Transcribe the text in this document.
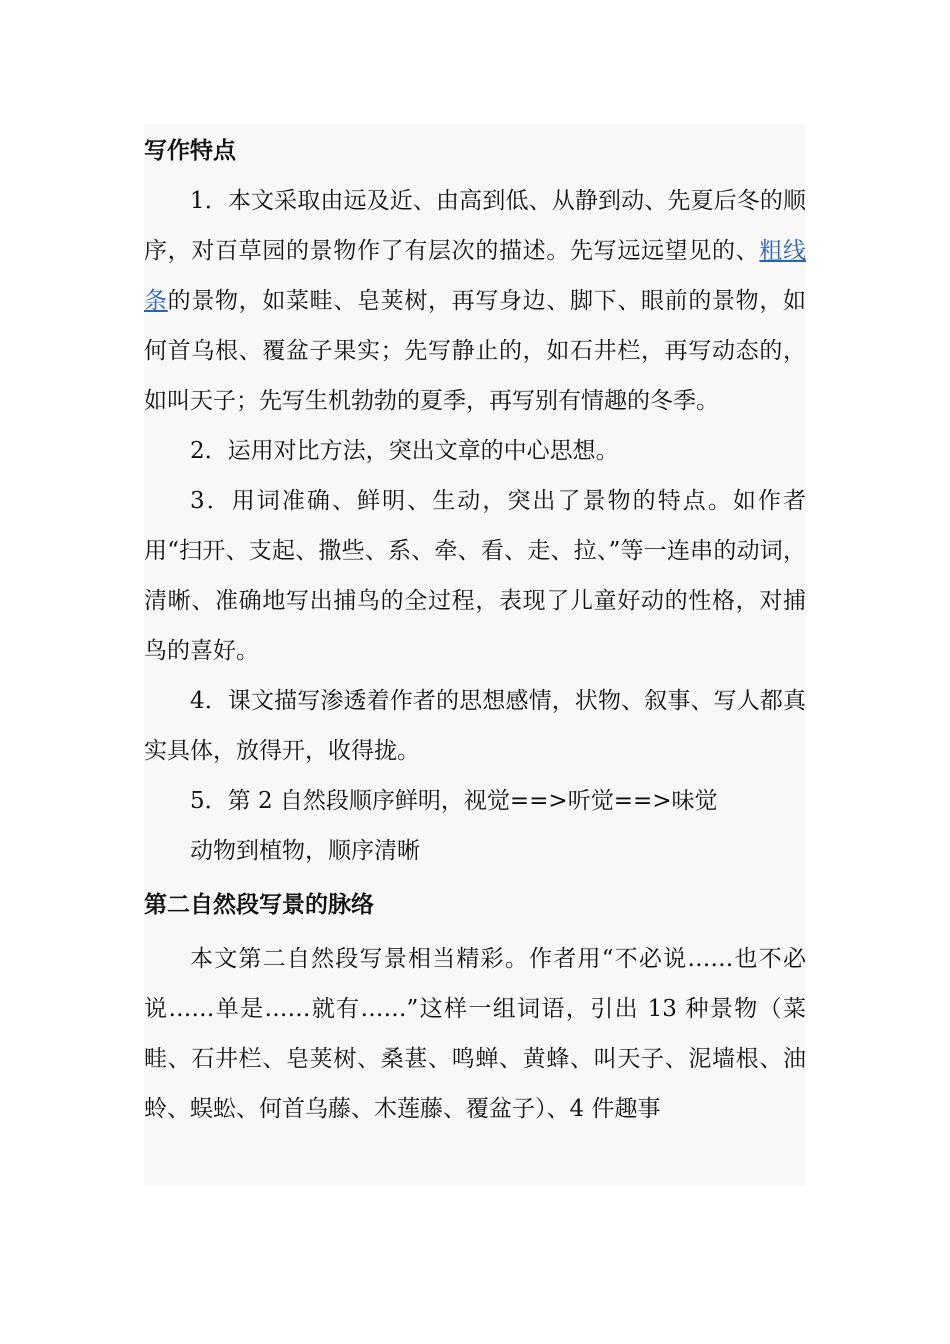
写作特点

1．本文采取由远及近、由高到低、从静到动、先夏后冬的顺序，对百草园的景物作了有层次的描述。先写远远望见的、粗线条的景物，如菜畦、皂荚树，再写身边、脚下、眼前的景物，如何首乌根、覆盆子果实；先写静止的，如石井栏，再写动态的，如叫天子；先写生机勃勃的夏季，再写别有情趣的冬季。

2．运用对比方法，突出文章的中心思想。

3．用词准确、鲜明、生动，突出了景物的特点。如作者用“扫开、支起、撒些、系、牵、看、走、拉、”等一连串的动词，清晰、准确地写出捕鸟的全过程，表现了儿童好动的性格，对捕鸟的喜好。

4．课文描写渗透着作者的思想感情，状物、叙事、写人都真实具体，放得开，收得拢。

5．第 2 自然段顺序鲜明，视觉==>听觉==>味觉

动物到植物，顺序清晰

第二自然段写景的脉络

本文第二自然段写景相当精彩。作者用“不必说……也不必说……单是……就有……”这样一组词语，引出 13 种景物（菜畦、石井栏、皂荚树、桑葚、鸣蝉、黄蜂、叫天子、泥墙根、油蛉、蜈蚣、何首乌藤、木莲藤、覆盆子）、4 件趣事
